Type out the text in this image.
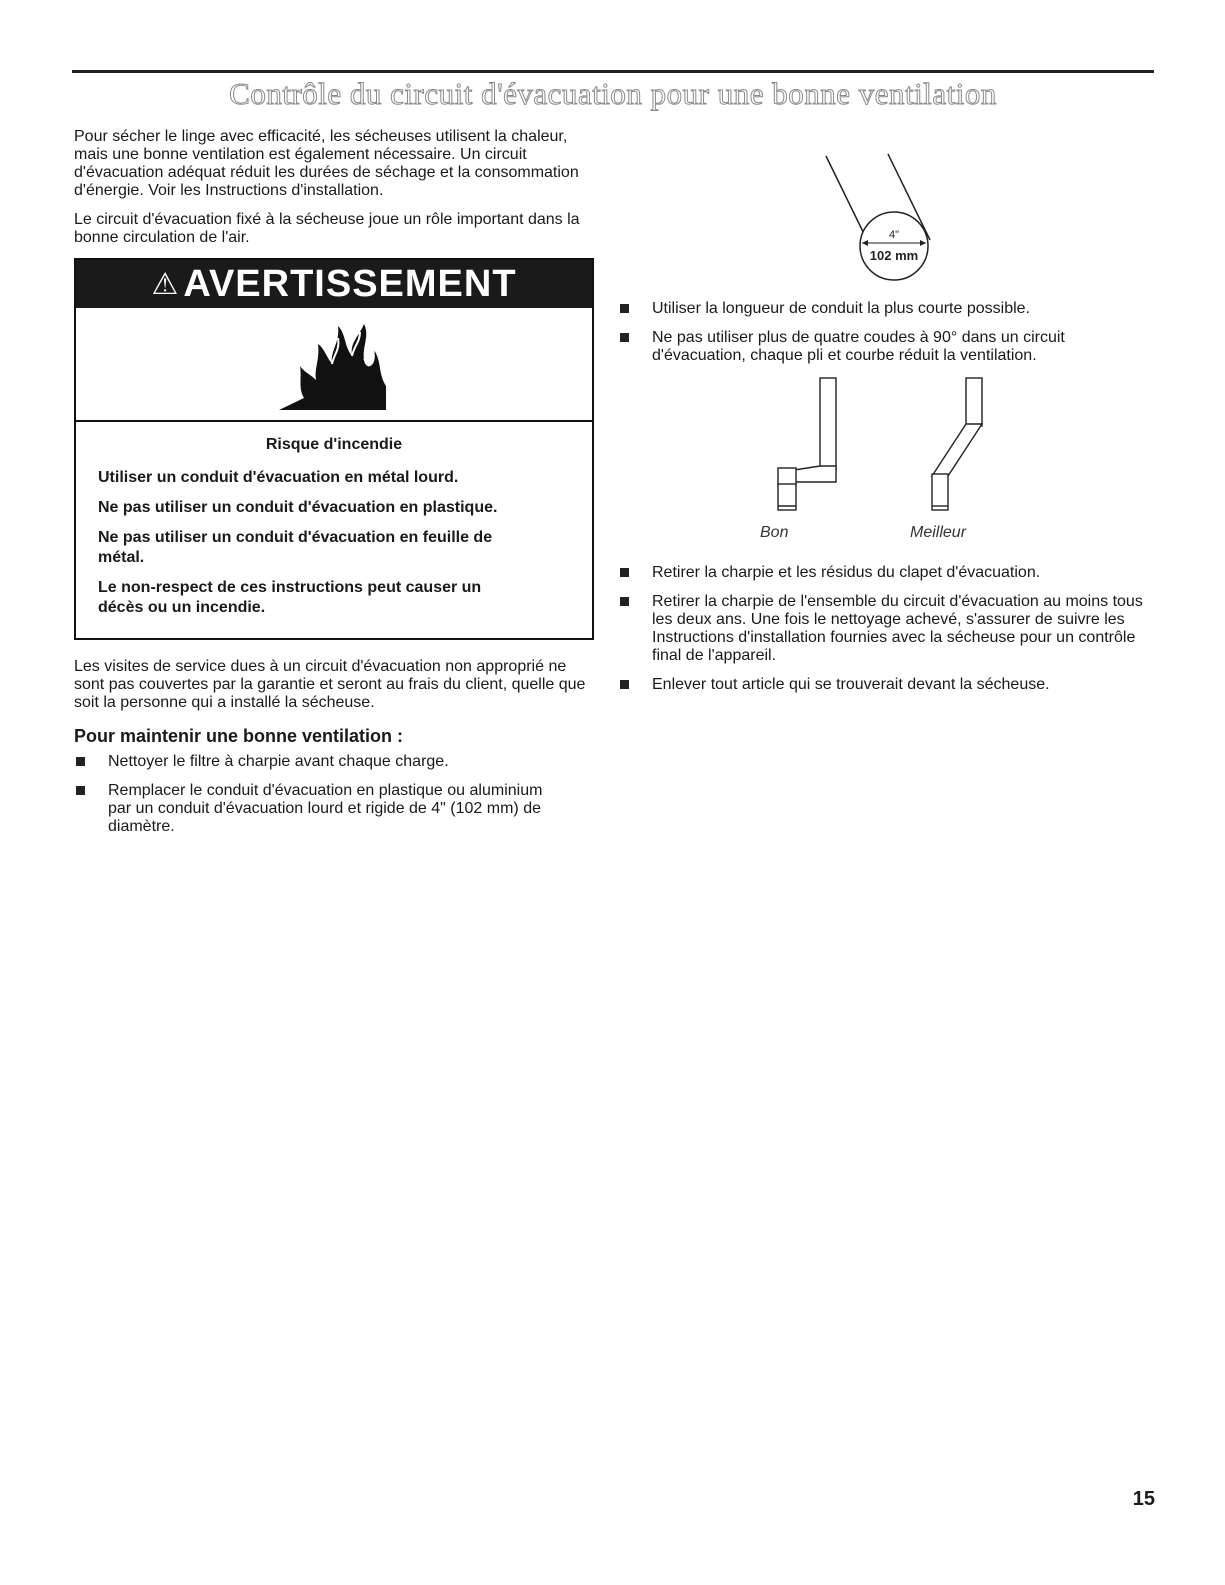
Contrôle du circuit d'évacuation pour une bonne ventilation

Pour sécher le linge avec efficacité, les sécheuses utilisent la chaleur, mais une bonne ventilation est également nécessaire. Un circuit d'évacuation adéquat réduit les durées de séchage et la consommation d'énergie. Voir les Instructions d'installation.

Le circuit d'évacuation fixé à la sécheuse joue un rôle important dans la bonne circulation de l'air.

⚠ AVERTISSEMENT
Risque d'incendie
Utiliser un conduit d'évacuation en métal lourd.
Ne pas utiliser un conduit d'évacuation en plastique.
Ne pas utiliser un conduit d'évacuation en feuille de métal.
Le non-respect de ces instructions peut causer un décès ou un incendie.

Les visites de service dues à un circuit d'évacuation non approprié ne sont pas couvertes par la garantie et seront au frais du client, quelle que soit la personne qui a installé la sécheuse.

Pour maintenir une bonne ventilation :
Nettoyer le filtre à charpie avant chaque charge.
Remplacer le conduit d'évacuation en plastique ou aluminium par un conduit d'évacuation lourd et rigide de 4" (102 mm) de diamètre.
4"
102 mm
Utiliser la longueur de conduit la plus courte possible.
Ne pas utiliser plus de quatre coudes à 90° dans un circuit d'évacuation, chaque pli et courbe réduit la ventilation.
Bon	Meilleur
Retirer la charpie et les résidus du clapet d'évacuation.
Retirer la charpie de l'ensemble du circuit d'évacuation au moins tous les deux ans. Une fois le nettoyage achevé, s'assurer de suivre les Instructions d'installation fournies avec la sécheuse pour un contrôle final de l'appareil.
Enlever tout article qui se trouverait devant la sécheuse.
15
